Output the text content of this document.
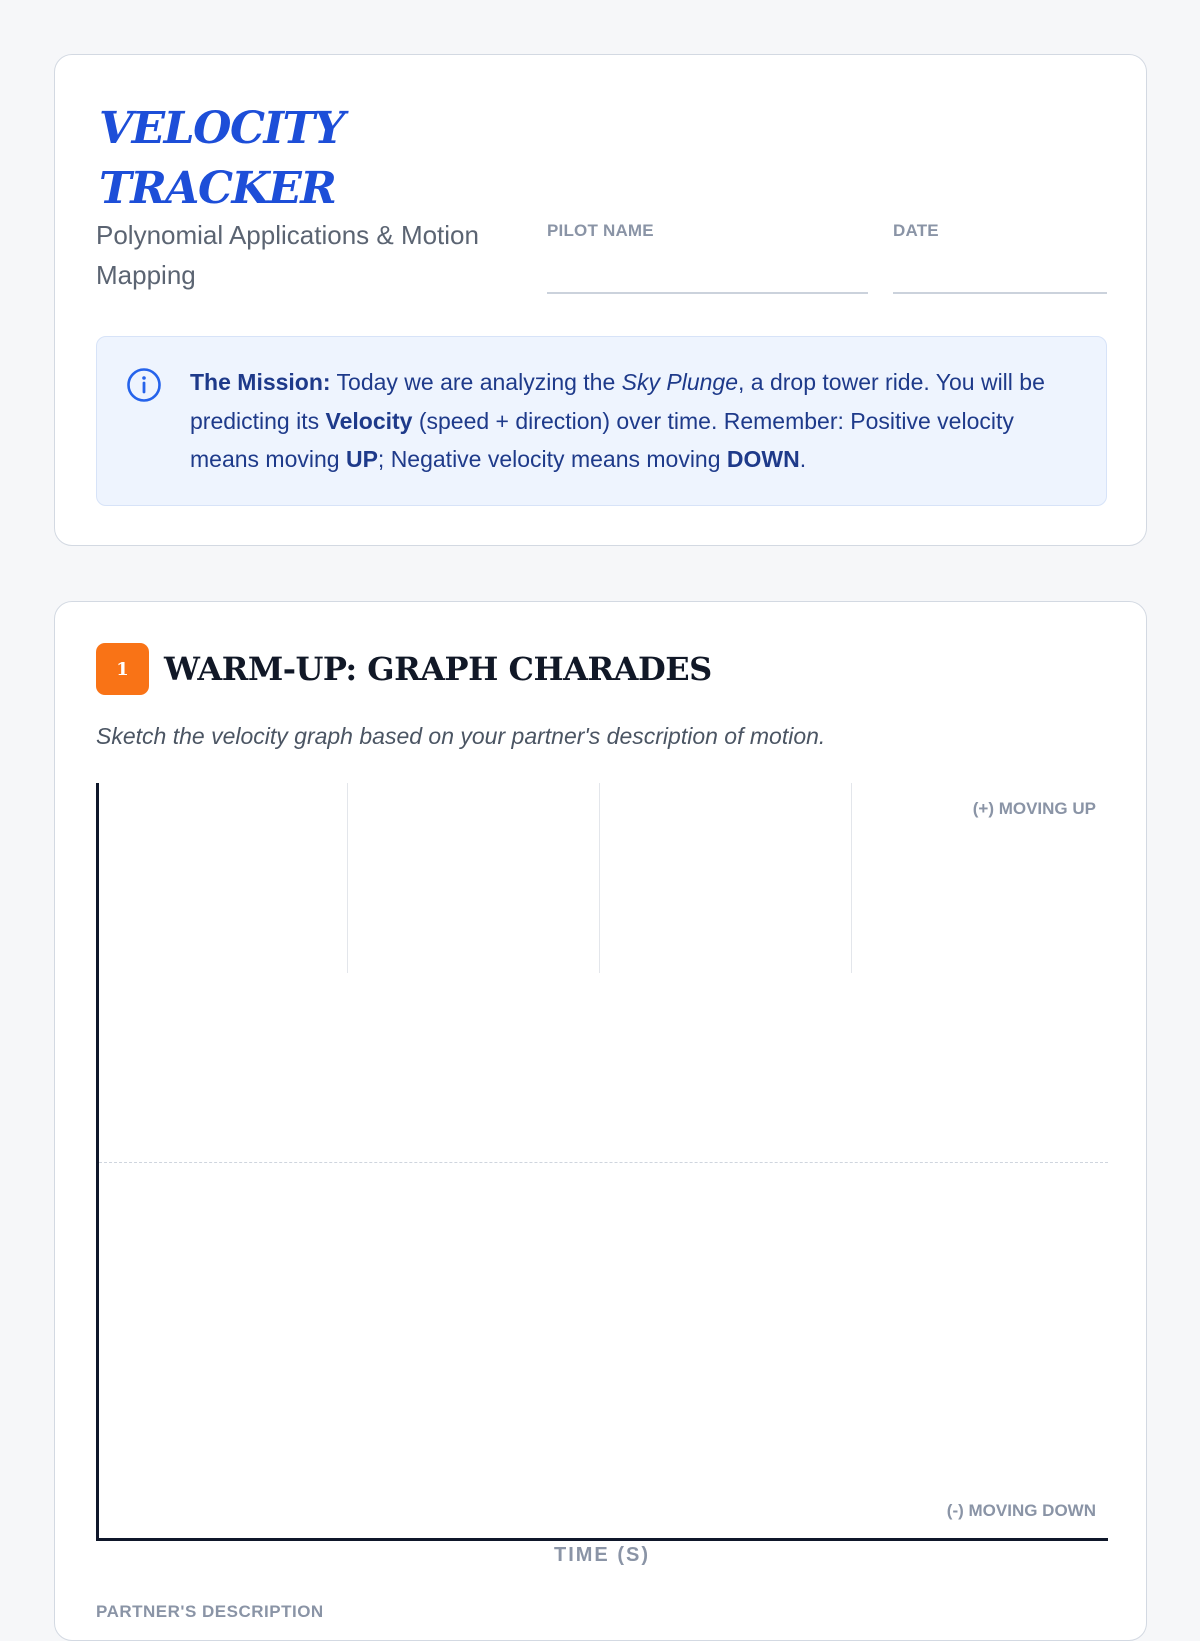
VELOCITY
TRACKER
Polynomial Applications & Motion Mapping
PILOT NAME	DATE
The Mission: Today we are analyzing the Sky Plunge, a drop tower ride. You will be predicting its Velocity (speed + direction) over time. Remember: Positive velocity means moving UP; Negative velocity means moving DOWN.
1	WARM-UP: GRAPH CHARADES
Sketch the velocity graph based on your partner's description of motion.
(+) MOVING UP
(-) MOVING DOWN
TIME (S)
PARTNER'S DESCRIPTION
